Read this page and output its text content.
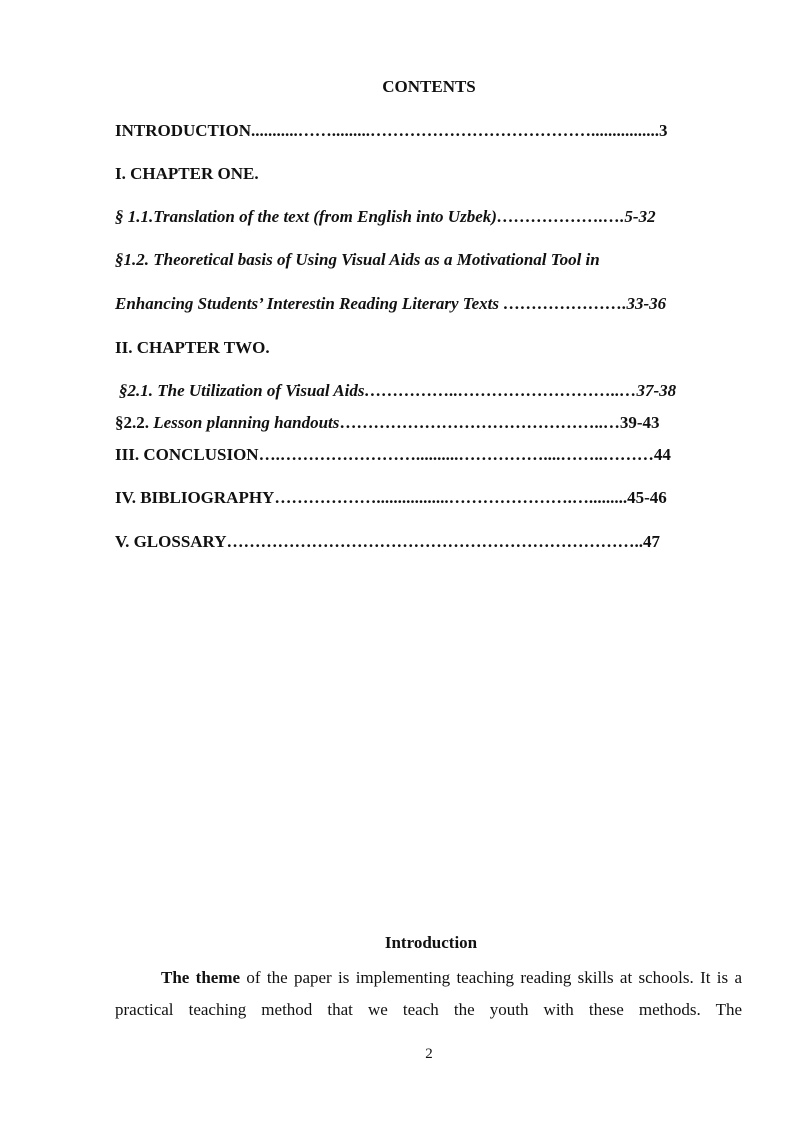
CONTENTS
INTRODUCTION...........…….........…………………………………................3
I. CHAPTER ONE.
§ 1.1.Translation of the text (from English into Uzbek)……………….….5-32
§1.2. Theoretical basis of Using Visual Aids as a Motivational Tool in
Enhancing Students’ Interestin Reading Literary Texts ………………….33-36
II. CHAPTER TWO.
§2.1. The Utilization of Visual Aids……………..………………………..…37-38
§2.2. Lesson planning handouts………………………………………..…39-43
III. CONCLUSION….……………………..........……………....……..………44
IV. BIBLIOGRAPHY……………….................………………….….........45-46
V. GLOSSARY………………………………………………………………..47
Introduction
The theme of the paper is implementing teaching reading skills at schools. It is a practical teaching method that we teach the youth with these methods. The
2
